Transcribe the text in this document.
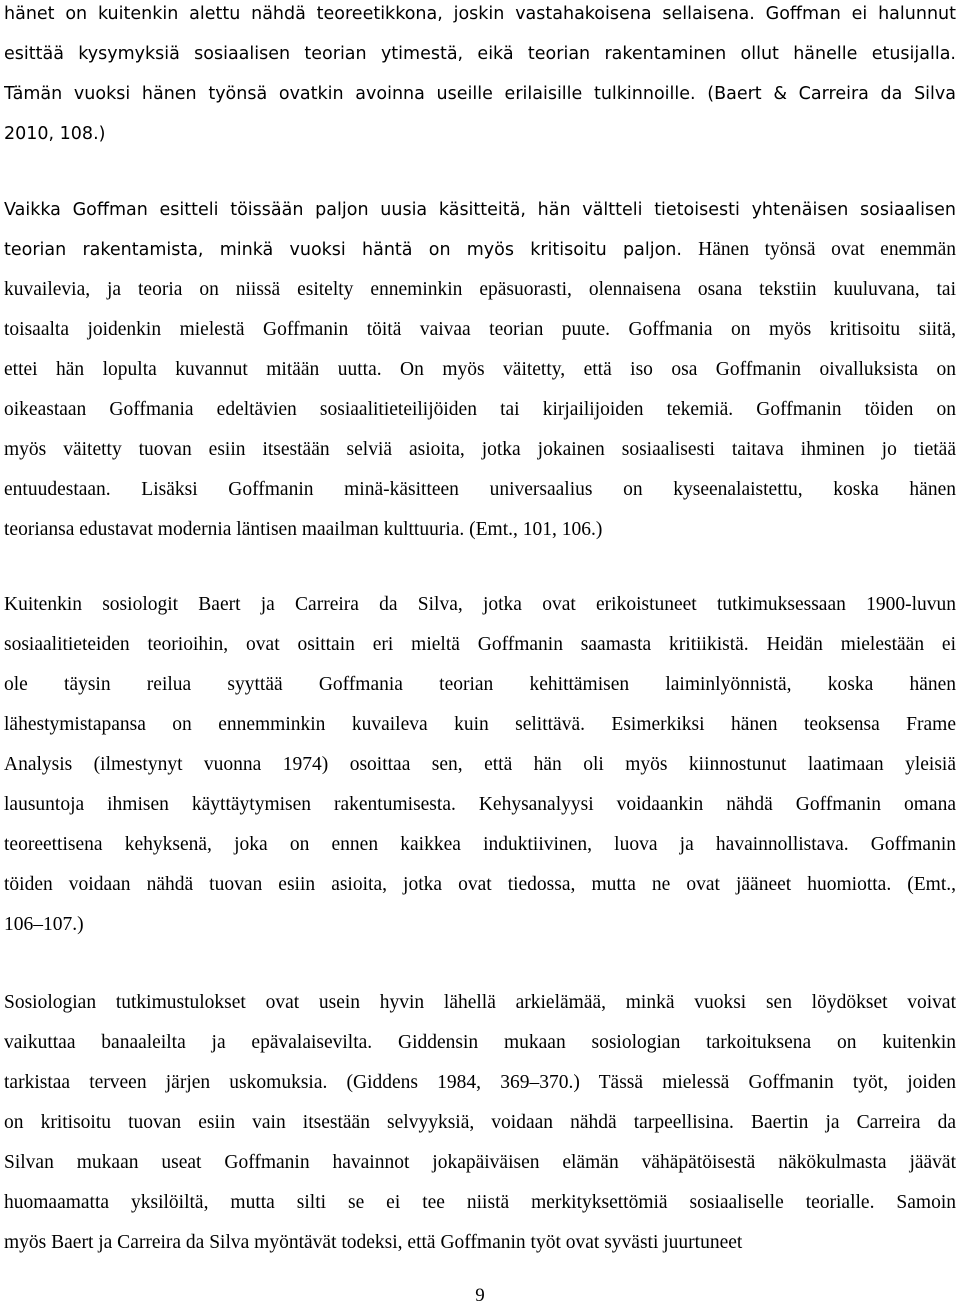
hänet on kuitenkin alettu nähdä teoreetikkona, joskin vastahakoisena sellaisena. Goffman ei halunnut
esittää kysymyksiä sosiaalisen teorian ytimestä, eikä teorian rakentaminen ollut hänelle etusijalla.
Tämän vuoksi hänen työnsä ovatkin avoinna useille erilaisille tulkinnoille. (Baert & Carreira da Silva
2010, 108.)
Vaikka Goffman esitteli töissään paljon uusia käsitteitä, hän vältteli tietoisesti yhtenäisen sosiaalisen
teorian rakentamista, minkä vuoksi häntä on myös kritisoitu paljon. Hänen työnsä ovat enemmän
kuvailevia, ja teoria on niissä esitelty enneminkin epäsuorasti, olennaisena osana tekstiin kuuluvana, tai
toisaalta joidenkin mielestä Goffmanin töitä vaivaa teorian puute. Goffmania on myös kritisoitu siitä,
ettei hän lopulta kuvannut mitään uutta. On myös väitetty, että iso osa Goffmanin oivalluksista on
oikeastaan Goffmania edeltävien sosiaalitieteilijöiden tai kirjailijoiden tekemiä. Goffmanin töiden on
myös väitetty tuovan esiin itsestään selviä asioita, jotka jokainen sosiaalisesti taitava ihminen jo tietää
entuudestaan. Lisäksi Goffmanin minä-käsitteen universaalius on kyseenalaistettu, koska hänen
teoriansa edustavat modernia läntisen maailman kulttuuria. (Emt., 101, 106.)
Kuitenkin sosiologit Baert ja Carreira da Silva, jotka ovat erikoistuneet tutkimuksessaan 1900-luvun
sosiaalitieteiden teorioihin, ovat osittain eri mieltä Goffmanin saamasta kritiikistä. Heidän mielestään ei
ole täysin reilua syyttää Goffmania teorian kehittämisen laiminlyönnistä, koska hänen
lähestymistapansa on ennemminkin kuvaileva kuin selittävä. Esimerkiksi hänen teoksensa Frame
Analysis (ilmestynyt vuonna 1974) osoittaa sen, että hän oli myös kiinnostunut laatimaan yleisiä
lausuntoja ihmisen käyttäytymisen rakentumisesta. Kehysanalyysi voidaankin nähdä Goffmanin omana
teoreettisena kehyksenä, joka on ennen kaikkea induktiivinen, luova ja havainnollistava. Goffmanin
töiden voidaan nähdä tuovan esiin asioita, jotka ovat tiedossa, mutta ne ovat jääneet huomiotta. (Emt.,
106–107.)
Sosiologian tutkimustulokset ovat usein hyvin lähellä arkielämää, minkä vuoksi sen löydökset voivat
vaikuttaa banaaleilta ja epävalaisevilta. Giddensin mukaan sosiologian tarkoituksena on kuitenkin
tarkistaa terveen järjen uskomuksia. (Giddens 1984, 369–370.) Tässä mielessä Goffmanin työt, joiden
on kritisoitu tuovan esiin vain itsestään selvyyksiä, voidaan nähdä tarpeellisina. Baertin ja Carreira da
Silvan mukaan useat Goffmanin havainnot jokapäiväisen elämän vähäpätöisestä näkökulmasta jäävät
huomaamatta yksilöiltä, mutta silti se ei tee niistä merkityksettömiä sosiaaliselle teorialle. Samoin
myös Baert ja Carreira da Silva myöntävät todeksi, että Goffmanin työt ovat syvästi juurtuneet
9
